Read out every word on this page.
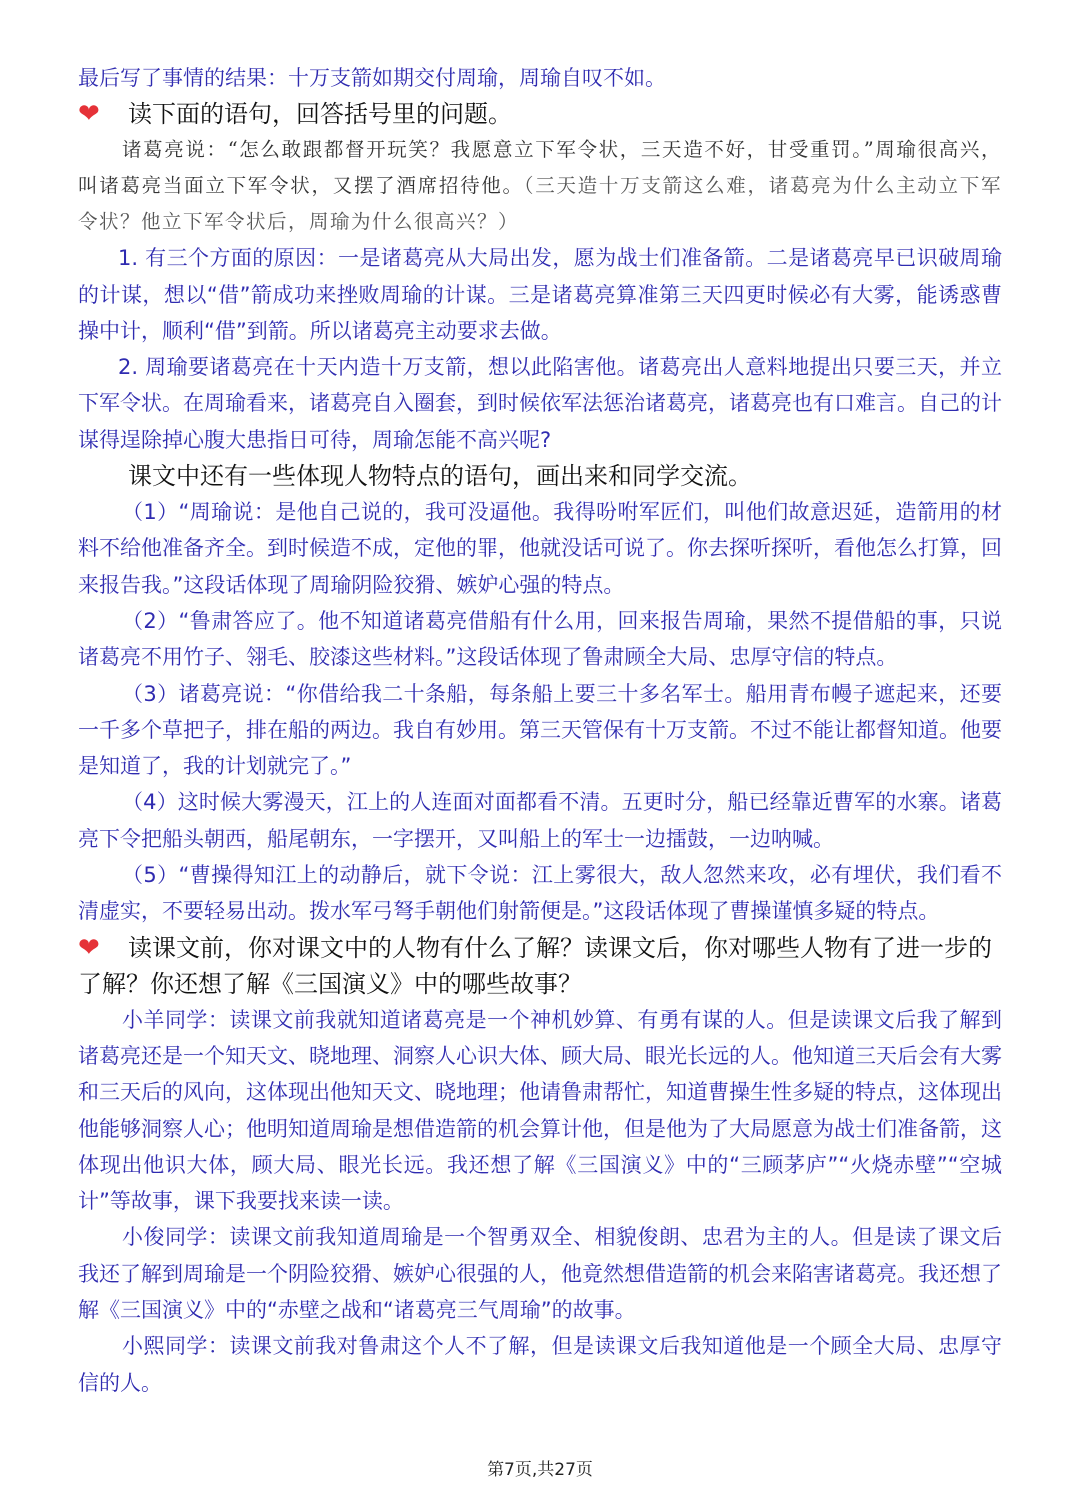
最后写了事情的结果：十万支箭如期交付周瑜，周瑜自叹不如。

❤ 读下面的语句，回答括号里的问题。

诸葛亮说：“怎么敢跟都督开玩笑？我愿意立下军令状，三天造不好，甘受重罚。”周瑜很高兴，叫诸葛亮当面立下军令状，又摆了酒席招待他。（三天造十万支箭这么难，诸葛亮为什么主动立下军令状？他立下军令状后，周瑜为什么很高兴？）

1. 有三个方面的原因：一是诸葛亮从大局出发，愿为战士们准备箭。二是诸葛亮早已识破周瑜的计谋，想以“借”箭成功来挫败周瑜的计谋。三是诸葛亮算准第三天四更时候必有大雾，能诱惑曹操中计，顺利“借”到箭。所以诸葛亮主动要求去做。

2. 周瑜要诸葛亮在十天内造十万支箭，想以此陷害他。诸葛亮出人意料地提出只要三天，并立下军令状。在周瑜看来，诸葛亮自入圈套，到时候依军法惩治诸葛亮，诸葛亮也有口难言。自己的计谋得逞除掉心腹大患指日可待，周瑜怎能不高兴呢?

课文中还有一些体现人物特点的语句，画出来和同学交流。

（1）“周瑜说：是他自己说的，我可没逼他。我得吩咐军匠们，叫他们故意迟延，造箭用的材料不给他准备齐全。到时候造不成，定他的罪，他就没话可说了。你去探听探听，看他怎么打算，回来报告我。”这段话体现了周瑜阴险狡猾、嫉妒心强的特点。

（2）“鲁肃答应了。他不知道诸葛亮借船有什么用，回来报告周瑜，果然不提借船的事，只说诸葛亮不用竹子、翎毛、胶漆这些材料。”这段话体现了鲁肃顾全大局、忠厚守信的特点。

（3）诸葛亮说：“你借给我二十条船，每条船上要三十多名军士。船用青布幔子遮起来，还要一千多个草把子，排在船的两边。我自有妙用。第三天管保有十万支箭。不过不能让都督知道。他要是知道了，我的计划就完了。”

（4）这时候大雾漫天，江上的人连面对面都看不清。五更时分，船已经靠近曹军的水寨。诸葛亮下令把船头朝西，船尾朝东，一字摆开，又叫船上的军士一边擂鼓，一边呐喊。

（5）“曹操得知江上的动静后，就下令说：江上雾很大，敌人忽然来攻，必有埋伏，我们看不清虚实，不要轻易出动。拨水军弓弩手朝他们射箭便是。”这段话体现了曹操谨慎多疑的特点。

❤ 读课文前，你对课文中的人物有什么了解？读课文后，你对哪些人物有了进一步的了解？你还想了解《三国演义》中的哪些故事？

小羊同学：读课文前我就知道诸葛亮是一个神机妙算、有勇有谋的人。但是读课文后我了解到诸葛亮还是一个知天文、晓地理、洞察人心识大体、顾大局、眼光长远的人。他知道三天后会有大雾和三天后的风向，这体现出他知天文、晓地理；他请鲁肃帮忙，知道曹操生性多疑的特点，这体现出他能够洞察人心；他明知道周瑜是想借造箭的机会算计他，但是他为了大局愿意为战士们准备箭，这体现出他识大体，顾大局、眼光长远。我还想了解《三国演义》中的“三顾茅庐”“火烧赤壁”“空城计”等故事，课下我要找来读一读。

小俊同学：读课文前我知道周瑜是一个智勇双全、相貌俊朗、忠君为主的人。但是读了课文后我还了解到周瑜是一个阴险狡猾、嫉妒心很强的人，他竟然想借造箭的机会来陷害诸葛亮。我还想了解《三国演义》中的“赤壁之战和“诸葛亮三气周瑜”的故事。

小熙同学：读课文前我对鲁肃这个人不了解，但是读课文后我知道他是一个顾全大局、忠厚守信的人。

第7页,共27页
